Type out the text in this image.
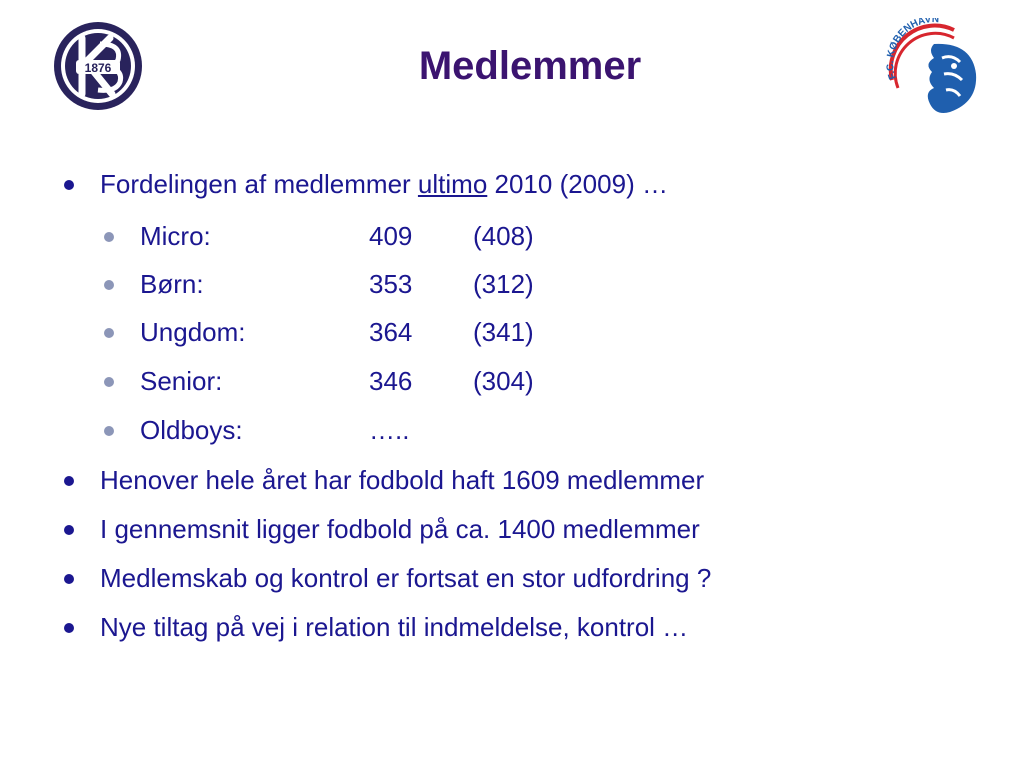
1876	Medlemmer	F.C. KØBENHAVN
Fordelingen af medlemmer ultimo 2010 (2009) …
Micro:	409 (408)
Børn:	353 (312)
Ungdom:	364 (341)
Senior:	346 (304)
Oldboys:	…..
Henover hele året har fodbold haft 1609 medlemmer
I gennemsnit ligger fodbold på ca. 1400 medlemmer
Medlemskab og kontrol er fortsat en stor udfordring ?
Nye tiltag på vej i relation til indmeldelse, kontrol …
